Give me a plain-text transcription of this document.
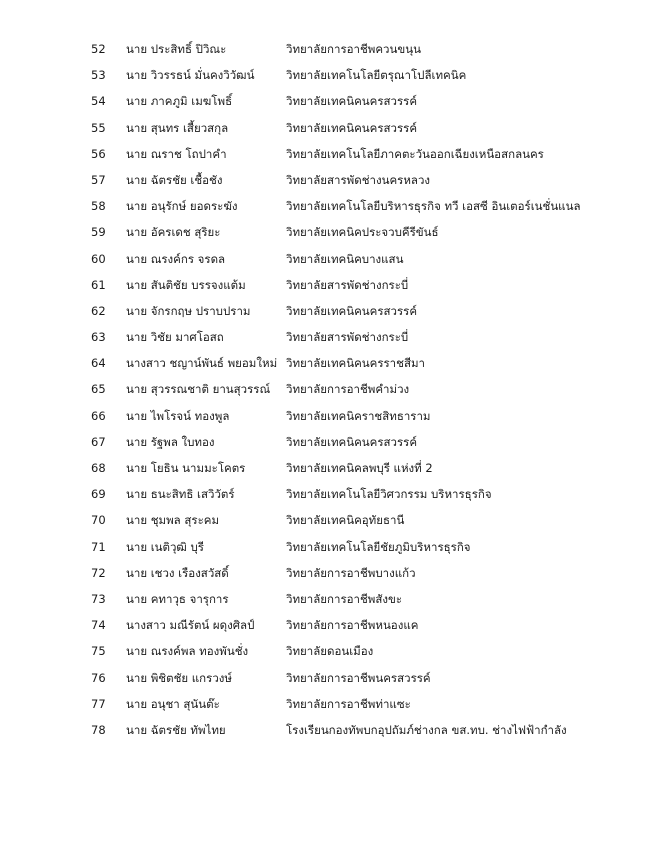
52 นาย ประสิทธิ์ ปิวิณะ	วิทยาลัยการอาชีพควนขนุน
53 นาย วิวรรธน์ มั่นคงวิวัฒน์	วิทยาลัยเทคโนโลยีตรุณาโปลีเทคนิค
54 นาย ภาคภูมิ เมฆโพธิ์	วิทยาลัยเทคนิคนครสวรรค์
55 นาย สุนทร เสี้ยวสกุล	วิทยาลัยเทคนิคนครสวรรค์
56 นาย ณราช โถปาคำ	วิทยาลัยเทคโนโลยีภาคตะวันออกเฉียงเหนือสกลนคร
57 นาย ฉัตรชัย เชื้อชัง	วิทยาลัยสารพัดช่างนครหลวง
58 นาย อนุรักษ์ ยอดระฆัง	วิทยาลัยเทคโนโลยีบริหารธุรกิจ ทวี เอสซี อินเตอร์เนชั่นแนล
59 นาย อัครเดช สุริยะ	วิทยาลัยเทคนิคประจวบคีรีขันธ์
60 นาย ณรงค์กร จรดล	วิทยาลัยเทคนิคบางแสน
61 นาย สันติชัย บรรจงแต้ม	วิทยาลัยสารพัดช่างกระบี่
62 นาย จักรกฤษ ปราบปราม	วิทยาลัยเทคนิคนครสวรรค์
63 นาย วิชัย มาศโอสถ	วิทยาลัยสารพัดช่างกระบี่
64 นางสาว ชญาน์พันธ์ พยอมใหม่ วิทยาลัยเทคนิคนครราชสีมา
65 นาย สุวรรณชาติ ยานสุวรรณ์	วิทยาลัยการอาชีพคำม่วง
66 นาย ไพโรจน์ ทองพูล	วิทยาลัยเทคนิคราชสิทธาราม
67 นาย รัฐพล ใบทอง	วิทยาลัยเทคนิคนครสวรรค์
68 นาย โยธิน นามมะโคตร	วิทยาลัยเทคนิคลพบุรี แห่งที่ 2
69 นาย ธนะสิทธิ เสวิวัตร์	วิทยาลัยเทคโนโลยีวิศวกรรม บริหารธุรกิจ
70 นาย ชุมพล สุระคม	วิทยาลัยเทคนิคอุทัยธานี
71 นาย เนติวุฒิ บุรี	วิทยาลัยเทคโนโลยีชัยภูมิบริหารธุรกิจ
72 นาย เชวง เรืองสวัสดิ์	วิทยาลัยการอาชีพบางแก้ว
73 นาย คทาวุธ จารุการ	วิทยาลัยการอาชีพสังขะ
74 นางสาว มณีรัตน์ ผดุงศิลป์	วิทยาลัยการอาชีพหนองแค
75 นาย ณรงค์พล ทองพันชั่ง	วิทยาลัยดอนเมือง
76 นาย พิชิตชัย แกรวงษ์	วิทยาลัยการอาชีพนครสวรรค์
77 นาย อนุชา สุนันต๊ะ	วิทยาลัยการอาชีพท่าแซะ
78 นาย ฉัตรชัย ทัพไทย	โรงเรียนกองทัพบกอุปถัมภ์ช่างกล ขส.ทบ. ช่างไฟฟ้ากำลัง
